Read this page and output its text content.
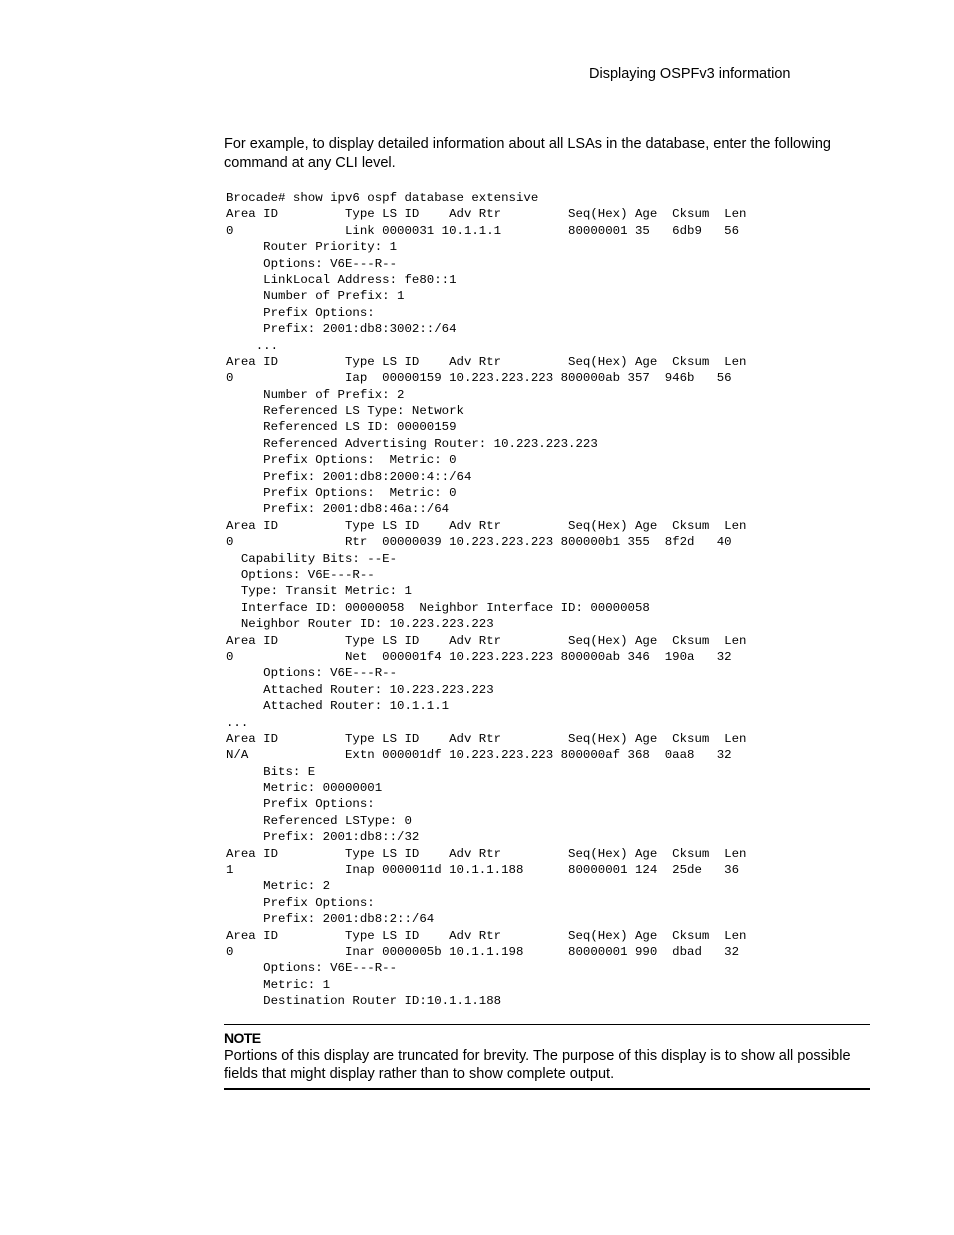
Displaying OSPFv3 information
For example, to display detailed information about all LSAs in the database, enter the following
command at any CLI level.
Brocade# show ipv6 ospf database extensive
Area ID         Type LS ID    Adv Rtr         Seq(Hex) Age  Cksum  Len
0               Link 0000031 10.1.1.1         80000001 35   6db9   56
Router Priority: 1
Options: V6E---R--
LinkLocal Address: fe80::1
Number of Prefix: 1
Prefix Options:
Prefix: 2001:db8:3002::/64
...
Area ID         Type LS ID    Adv Rtr         Seq(Hex) Age  Cksum  Len
0               Iap  00000159 10.223.223.223 800000ab 357  946b   56
Number of Prefix: 2
Referenced LS Type: Network
Referenced LS ID: 00000159
Referenced Advertising Router: 10.223.223.223
Prefix Options:  Metric: 0
Prefix: 2001:db8:2000:4::/64
Prefix Options:  Metric: 0
Prefix: 2001:db8:46a::/64
Area ID         Type LS ID    Adv Rtr         Seq(Hex) Age  Cksum  Len
0               Rtr  00000039 10.223.223.223 800000b1 355  8f2d   40
Capability Bits: --E-
Options: V6E---R--
Type: Transit Metric: 1
Interface ID: 00000058  Neighbor Interface ID: 00000058
Neighbor Router ID: 10.223.223.223
Area ID         Type LS ID    Adv Rtr         Seq(Hex) Age  Cksum  Len
0               Net  000001f4 10.223.223.223 800000ab 346  190a   32
Options: V6E---R--
Attached Router: 10.223.223.223
Attached Router: 10.1.1.1
...
Area ID         Type LS ID    Adv Rtr         Seq(Hex) Age  Cksum  Len
N/A             Extn 000001df 10.223.223.223 800000af 368  0aa8   32
Bits: E
Metric: 00000001
Prefix Options:
Referenced LSType: 0
Prefix: 2001:db8::/32
Area ID         Type LS ID    Adv Rtr         Seq(Hex) Age  Cksum  Len
1               Inap 0000011d 10.1.1.188      80000001 124  25de   36
Metric: 2
Prefix Options:
Prefix: 2001:db8:2::/64
Area ID         Type LS ID    Adv Rtr         Seq(Hex) Age  Cksum  Len
0               Inar 0000005b 10.1.1.198      80000001 990  dbad   32
Options: V6E---R--
Metric: 1
Destination Router ID:10.1.1.188
NOTE
Portions of this display are truncated for brevity. The purpose of this display is to show all possible
fields that might display rather than to show complete output.
